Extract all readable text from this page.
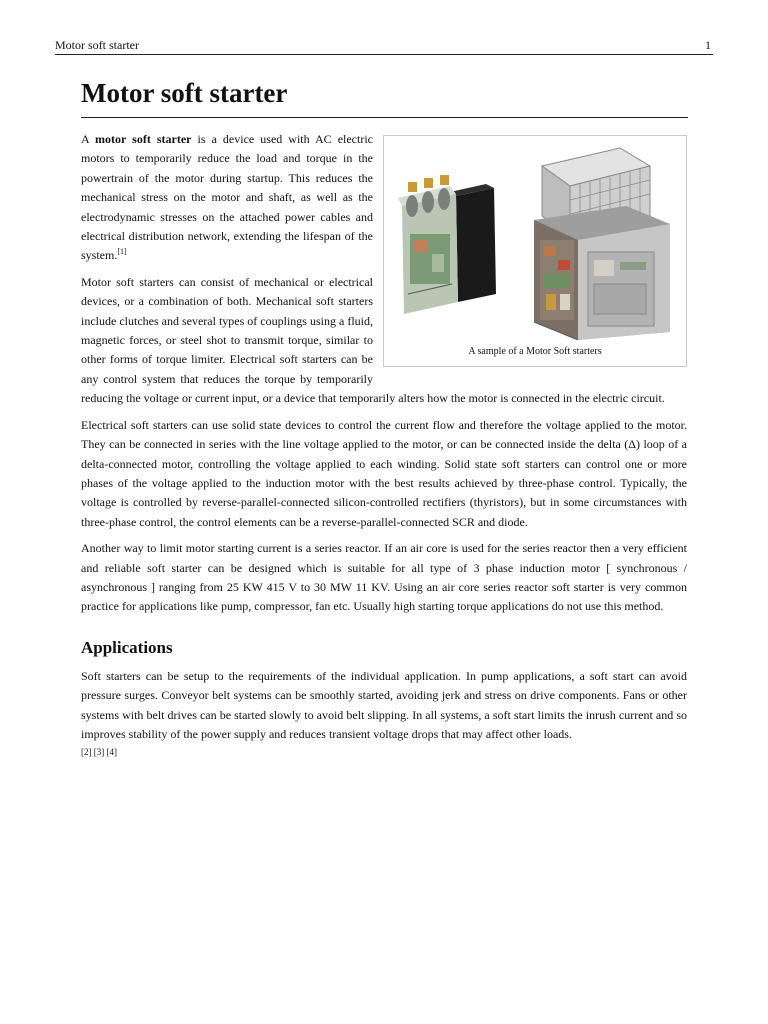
Motor soft starter	1
Motor soft starter
A sample of a Motor Soft starters

A motor soft starter is a device used with AC electric motors to temporarily reduce the load and torque in the powertrain of the motor during startup. This reduces the mechanical stress on the motor and shaft, as well as the electrodynamic stresses on the attached power cables and electrical distribution network, extending the lifespan of the system.[1]

Motor soft starters can consist of mechanical or electrical devices, or a combination of both. Mechanical soft starters include clutches and several types of couplings using a fluid, magnetic forces, or steel shot to transmit torque, similar to other forms of torque limiter. Electrical soft starters can be any control system that reduces the torque by temporarily reducing the voltage or current input, or a device that temporarily alters how the motor is connected in the electric circuit.

Electrical soft starters can use solid state devices to control the current flow and therefore the voltage applied to the motor. They can be connected in series with the line voltage applied to the motor, or can be connected inside the delta (Δ) loop of a delta-connected motor, controlling the voltage applied to each winding. Solid state soft starters can control one or more phases of the voltage applied to the induction motor with the best results achieved by three-phase control. Typically, the voltage is controlled by reverse-parallel-connected silicon-controlled rectifiers (thyristors), but in some circumstances with three-phase control, the control elements can be a reverse-parallel-connected SCR and diode.

Another way to limit motor starting current is a series reactor. If an air core is used for the series reactor then a very efficient and reliable soft starter can be designed which is suitable for all type of 3 phase induction motor [ synchronous / asynchronous ] ranging from 25 KW 415 V to 30 MW 11 KV. Using an air core series reactor soft starter is very common practice for applications like pump, compressor, fan etc. Usually high starting torque applications do not use this method.

Applications

Soft starters can be setup to the requirements of the individual application. In pump applications, a soft start can avoid pressure surges. Conveyor belt systems can be smoothly started, avoiding jerk and stress on drive components. Fans or other systems with belt drives can be started slowly to avoid belt slipping. In all systems, a soft start limits the inrush current and so improves stability of the power supply and reduces transient voltage drops that may affect other loads.

[2] [3] [4]
